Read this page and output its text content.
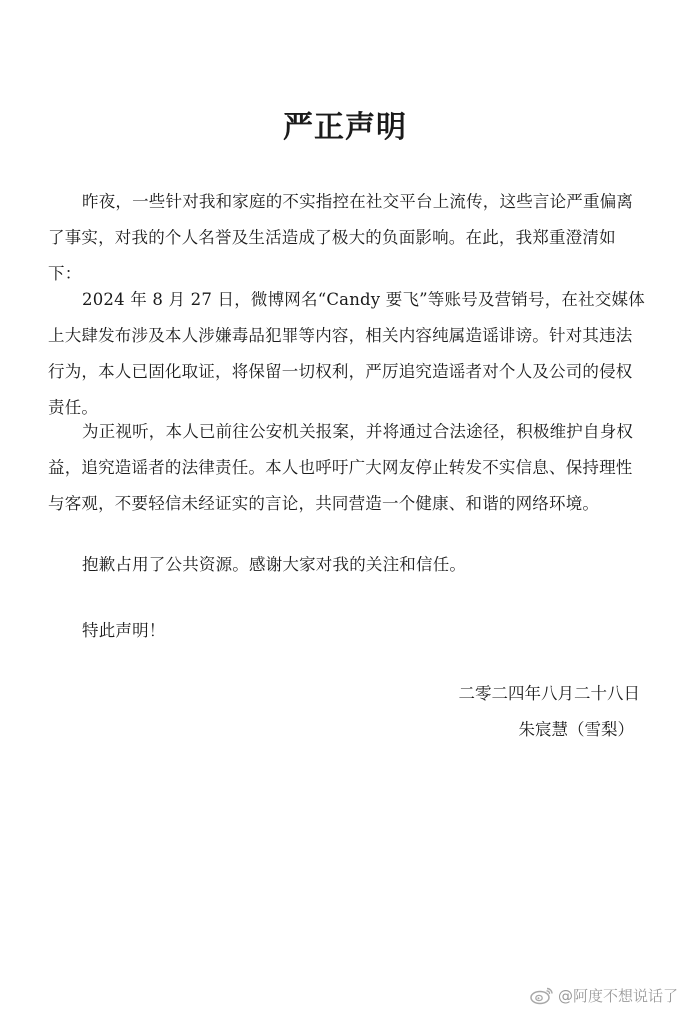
严正声明

昨夜，一些针对我和家庭的不实指控在社交平台上流传，这些言论严重偏离了事实，对我的个人名誉及生活造成了极大的负面影响。在此，我郑重澄清如下：

2024 年 8 月 27 日，微博网名“Candy 要飞”等账号及营销号，在社交媒体上大肆发布涉及本人涉嫌毒品犯罪等内容，相关内容纯属造谣诽谤。针对其违法行为，本人已固化取证，将保留一切权利，严厉追究造谣者对个人及公司的侵权责任。

为正视听，本人已前往公安机关报案，并将通过合法途径，积极维护自身权益，追究造谣者的法律责任。本人也呼吁广大网友停止转发不实信息、保持理性与客观，不要轻信未经证实的言论，共同营造一个健康、和谐的网络环境。

抱歉占用了公共资源。感谢大家对我的关注和信任。

特此声明！

二零二四年八月二十八日
朱宸慧（雪梨）
@阿度不想说话了
